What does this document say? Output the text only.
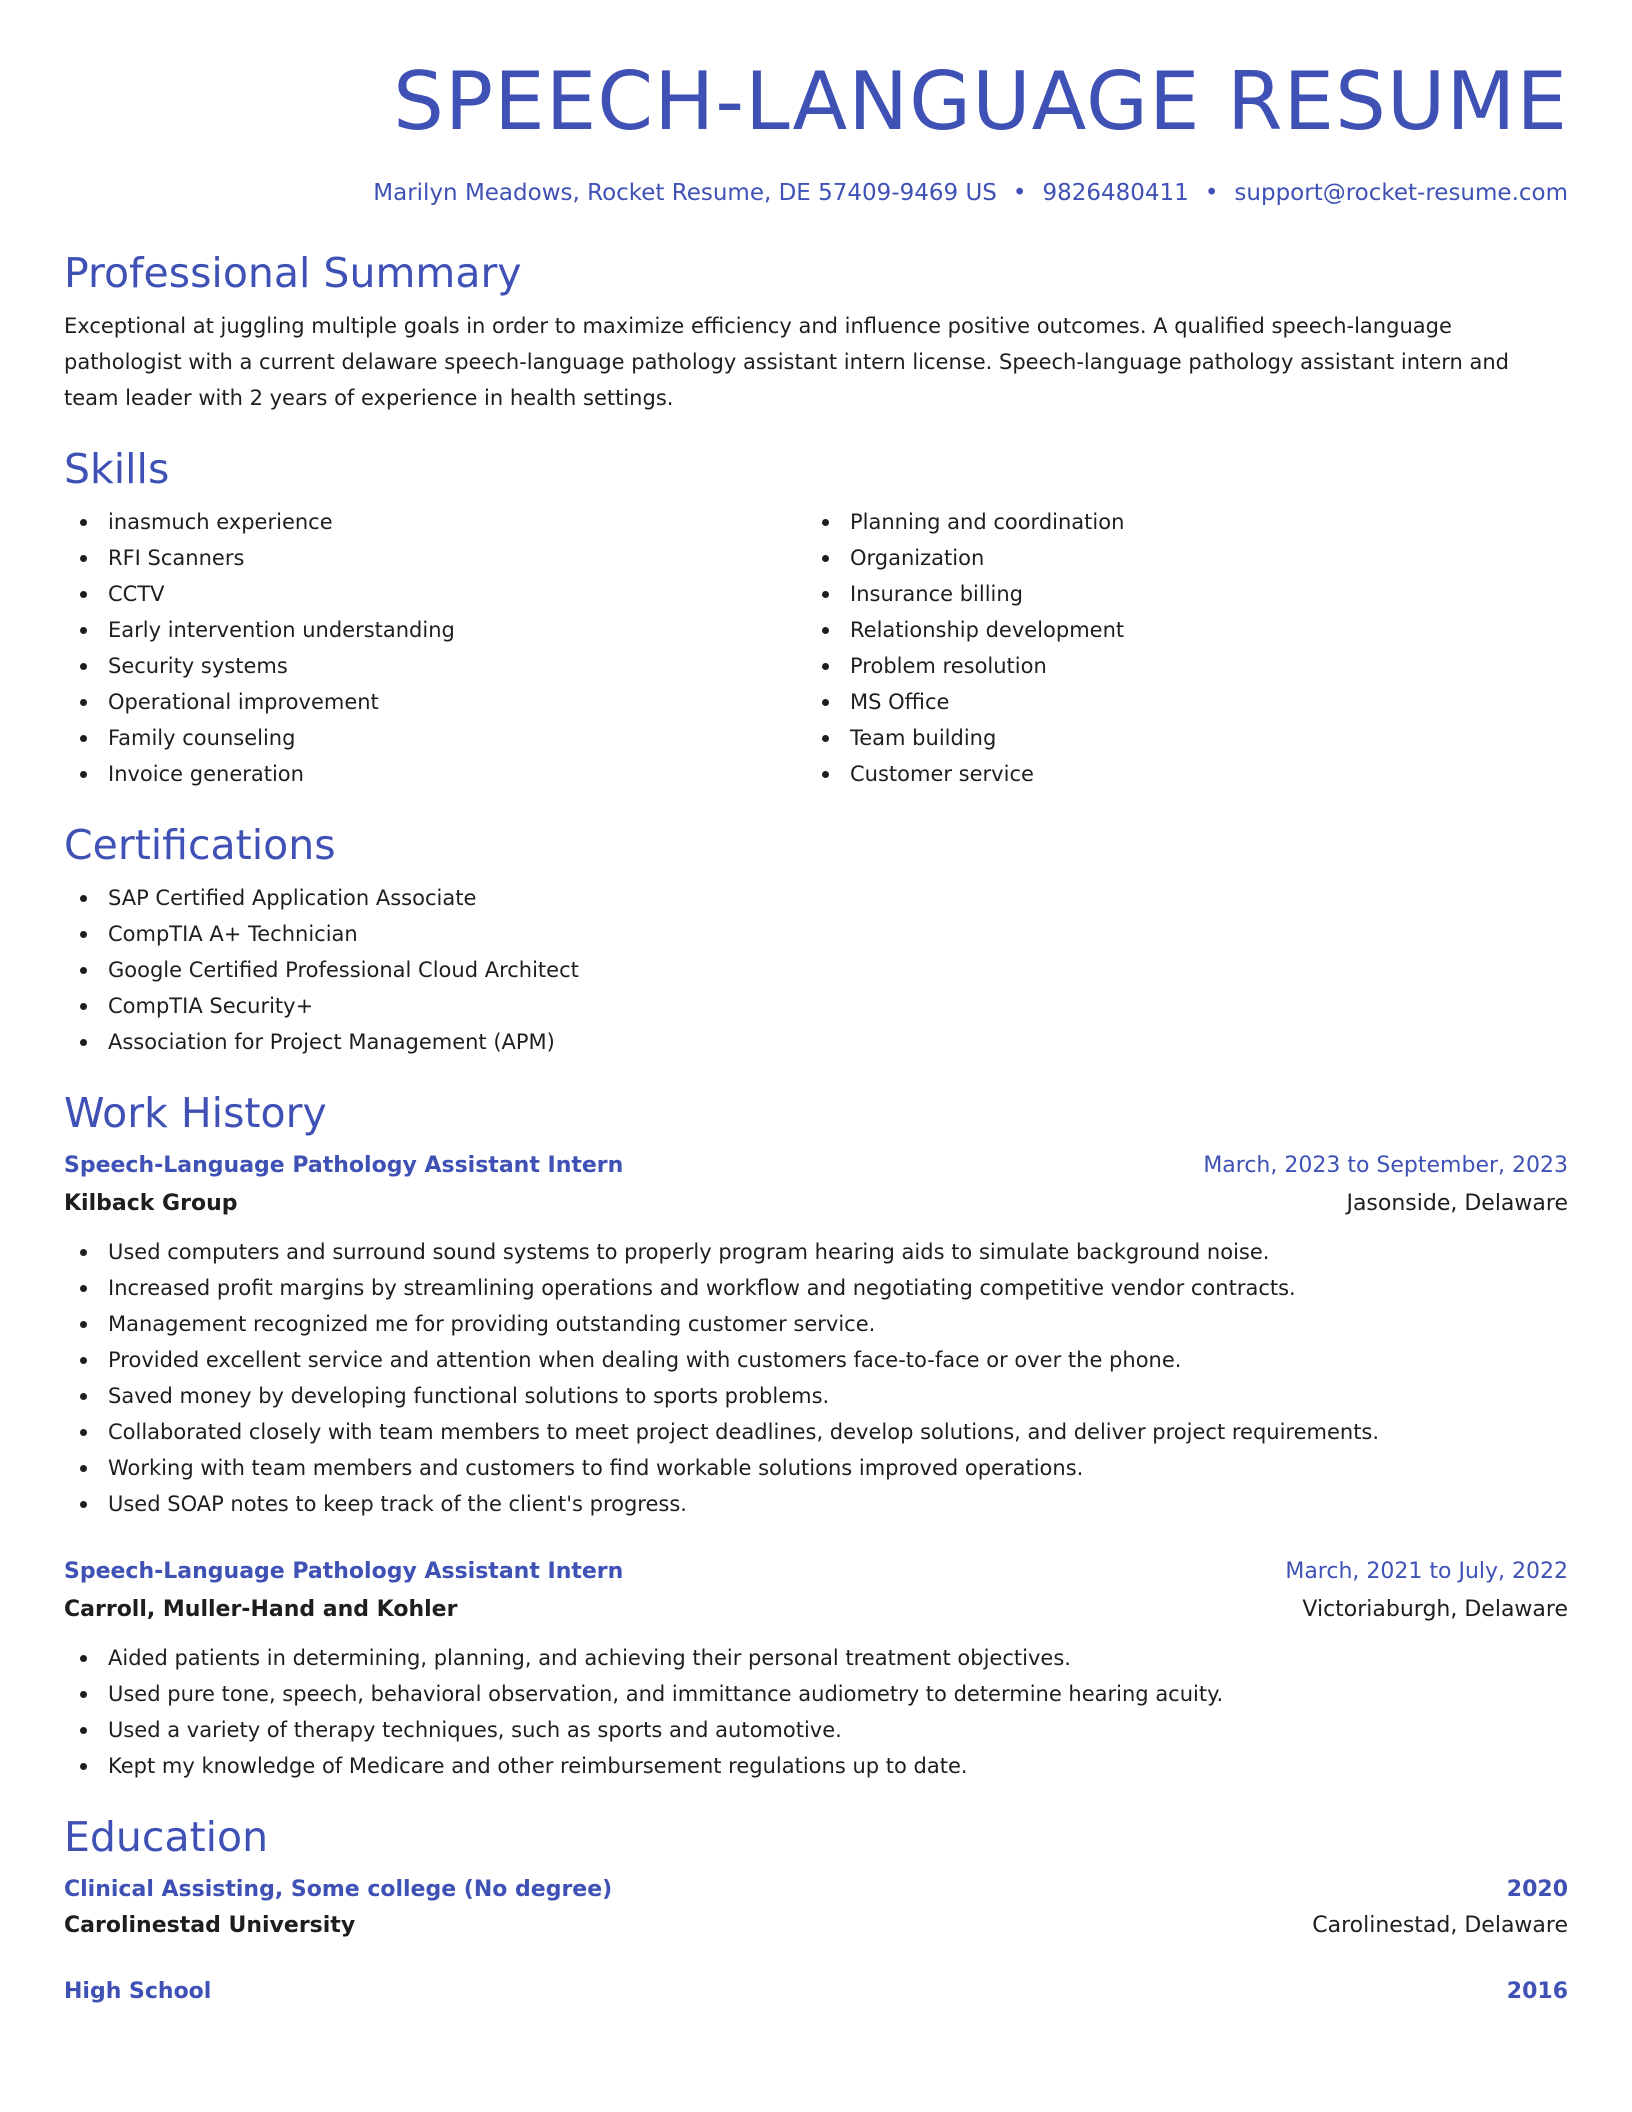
SPEECH-LANGUAGE RESUME
Marilyn Meadows, Rocket Resume, DE 57409-9469 US • 9826480411 • support@rocket-resume.com
Professional Summary

Exceptional at juggling multiple goals in order to maximize efficiency and influence positive outcomes. A qualified speech-language pathologist with a current delaware speech-language pathology assistant intern license. Speech-language pathology assistant intern and team leader with 2 years of experience in health settings.

Skills
inasmuch experience
RFI Scanners
CCTV
Early intervention understanding
Security systems
Operational improvement
Family counseling
Invoice generation
Planning and coordination
Organization
Insurance billing
Relationship development
Problem resolution
MS Office
Team building
Customer service
Certifications
SAP Certified Application Associate
CompTIA A+ Technician
Google Certified Professional Cloud Architect
CompTIA Security+
Association for Project Management (APM)
Work History
Speech-Language Pathology Assistant Intern	March, 2023 to September, 2023
Kilback Group	Jasonside, Delaware
Used computers and surround sound systems to properly program hearing aids to simulate background noise.
Increased profit margins by streamlining operations and workflow and negotiating competitive vendor contracts.
Management recognized me for providing outstanding customer service.
Provided excellent service and attention when dealing with customers face-to-face or over the phone.
Saved money by developing functional solutions to sports problems.
Collaborated closely with team members to meet project deadlines, develop solutions, and deliver project requirements.
Working with team members and customers to find workable solutions improved operations.
Used SOAP notes to keep track of the client's progress.
Speech-Language Pathology Assistant Intern	March, 2021 to July, 2022
Carroll, Muller-Hand and Kohler	Victoriaburgh, Delaware
Aided patients in determining, planning, and achieving their personal treatment objectives.
Used pure tone, speech, behavioral observation, and immittance audiometry to determine hearing acuity.
Used a variety of therapy techniques, such as sports and automotive.
Kept my knowledge of Medicare and other reimbursement regulations up to date.
Education
Clinical Assisting, Some college (No degree)	2020
Carolinestad University	Carolinestad, Delaware
High School	2016
